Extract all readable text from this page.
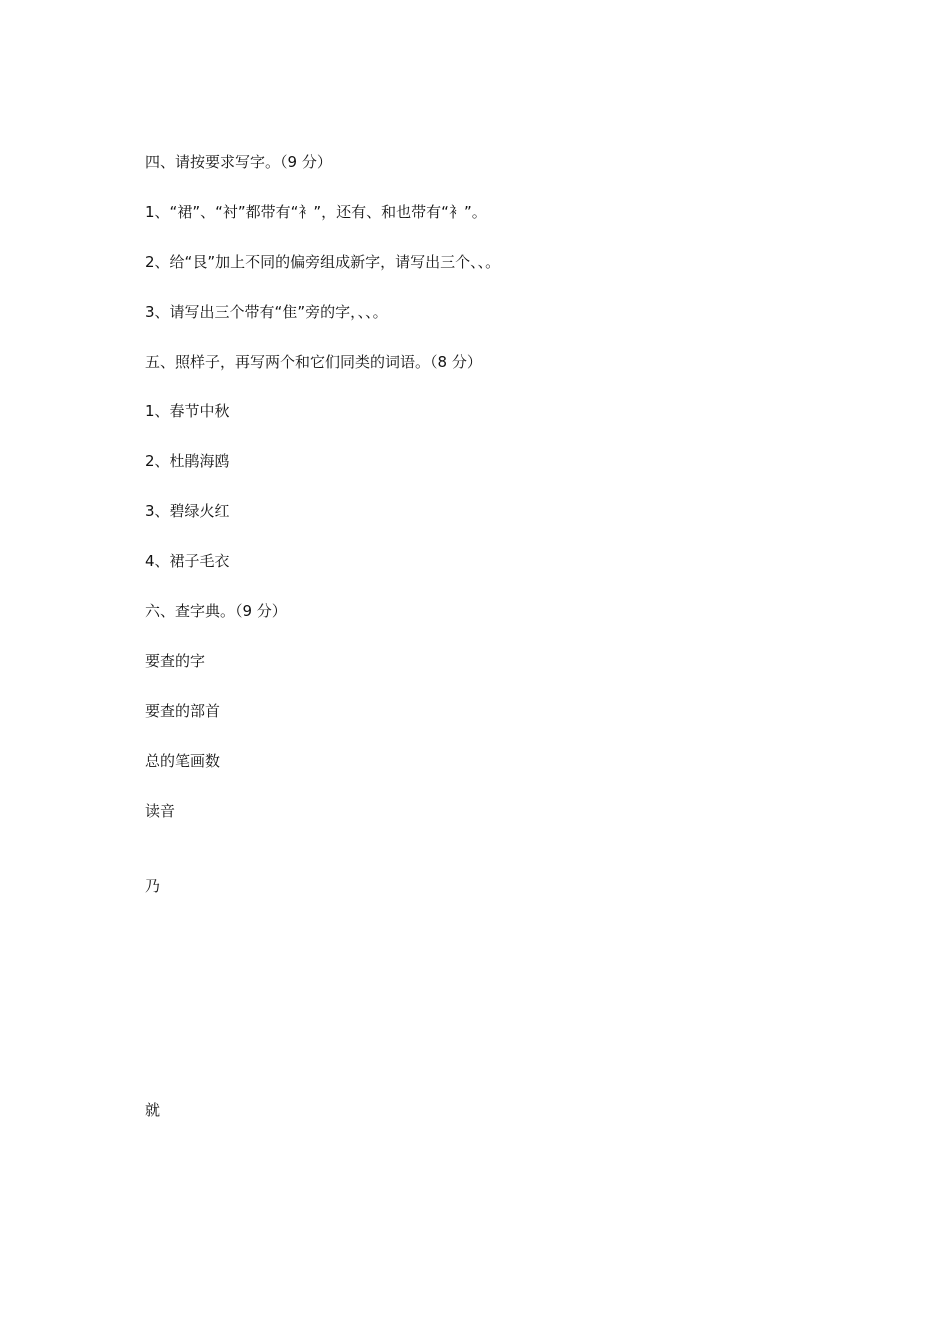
四、请按要求写字。（9 分）
1、“裙”、“衬”都带有“衤”，还有、和也带有“衤”。
2、给“艮”加上不同的偏旁组成新字，请写出三个、、。
3、请写出三个带有“隹”旁的字，、、。
五、照样子，再写两个和它们同类的词语。（8 分）
1、春节中秋
2、杜鹃海鸥
3、碧绿火红
4、裙子毛衣
六、查字典。（9 分）
要查的字
要查的部首
总的笔画数
读音
乃
就
